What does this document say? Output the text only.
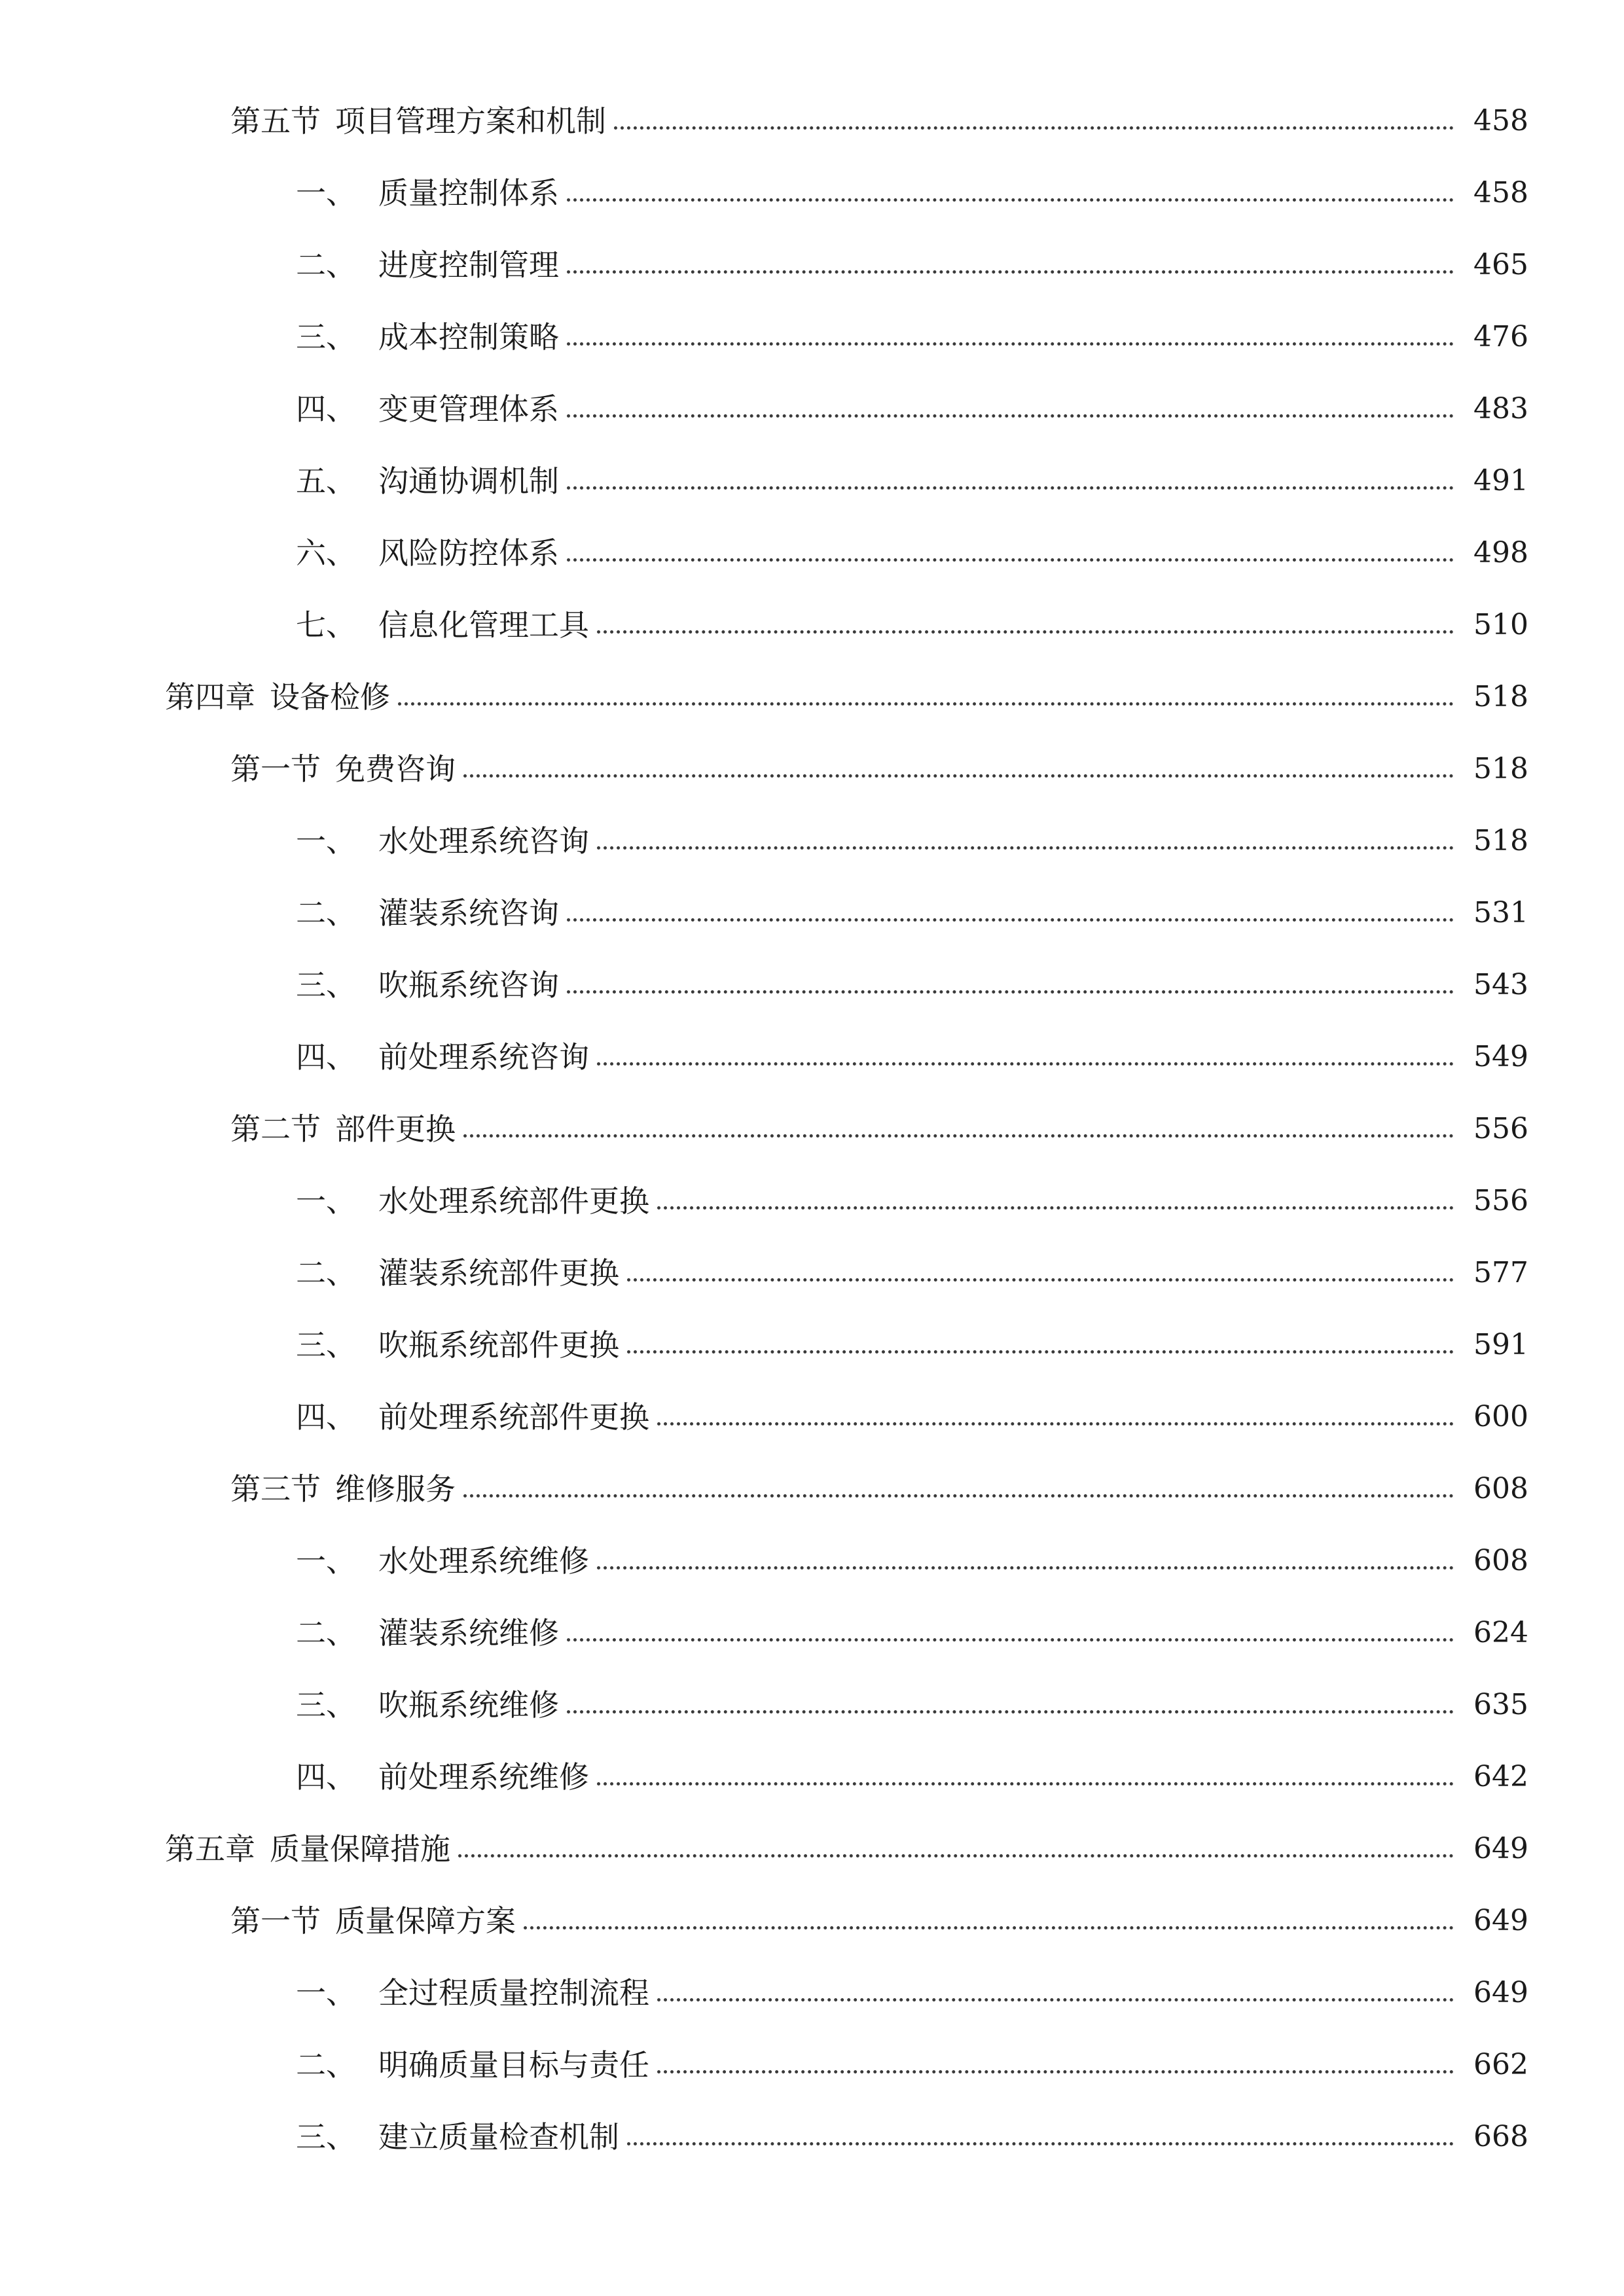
第五节 项目管理方案和机制	458
一、 质量控制体系	458
二、 进度控制管理	465
三、 成本控制策略	476
四、 变更管理体系	483
五、 沟通协调机制	491
六、 风险防控体系	498
七、 信息化管理工具	510
第四章 设备检修	518
第一节 免费咨询	518
一、 水处理系统咨询	518
二、 灌装系统咨询	531
三、 吹瓶系统咨询	543
四、 前处理系统咨询	549
第二节 部件更换	556
一、 水处理系统部件更换	556
二、 灌装系统部件更换	577
三、 吹瓶系统部件更换	591
四、 前处理系统部件更换	600
第三节 维修服务	608
一、 水处理系统维修	608
二、 灌装系统维修	624
三、 吹瓶系统维修	635
四、 前处理系统维修	642
第五章 质量保障措施	649
第一节 质量保障方案	649
一、 全过程质量控制流程	649
二、 明确质量目标与责任	662
三、 建立质量检查机制	668
